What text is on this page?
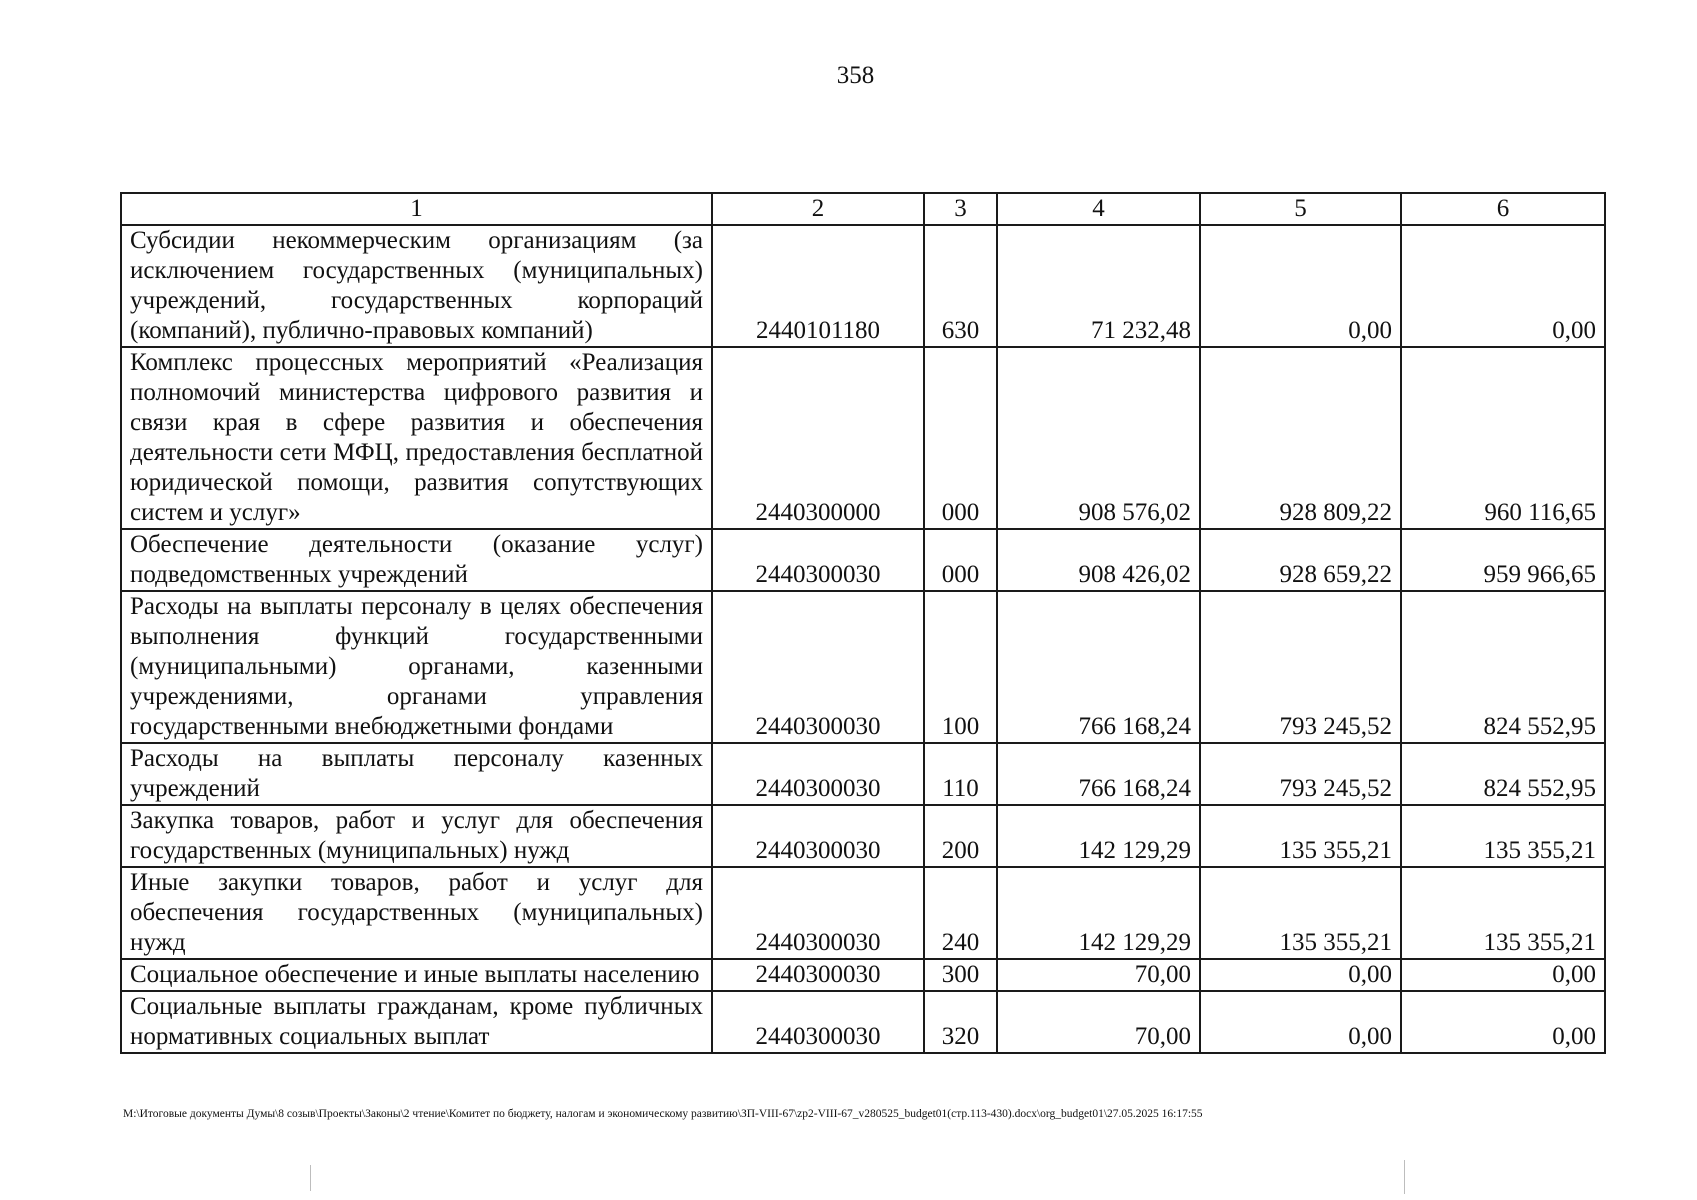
358
1	2	3	4	5	6
Субсидии некоммерческим организациям (за исключением государственных (муниципальных) учреждений, государственных корпораций (компаний), публично-правовых компаний)	2440101180	630	71 232,48	0,00	0,00
Комплекс процессных мероприятий «Реализация полномочий министерства цифрового развития и связи края в сфере развития и обеспечения деятельности сети МФЦ, предоставления бесплатной юридической помощи, развития сопутствующих систем и услуг»	2440300000	000	908 576,02	928 809,22	960 116,65
Обеспечение деятельности (оказание услуг) подведомственных учреждений	2440300030	000	908 426,02	928 659,22	959 966,65
Расходы на выплаты персоналу в целях обеспечения выполнения функций государственными (муниципальными) органами, казенными учреждениями, органами управления государственными внебюджетными фондами	2440300030	100	766 168,24	793 245,52	824 552,95
Расходы на выплаты персоналу казенных учреждений	2440300030	110	766 168,24	793 245,52	824 552,95
Закупка товаров, работ и услуг для обеспечения государственных (муниципальных) нужд	2440300030	200	142 129,29	135 355,21	135 355,21
Иные закупки товаров, работ и услуг для обеспечения государственных (муниципальных) нужд	2440300030	240	142 129,29	135 355,21	135 355,21
Социальное обеспечение и иные выплаты населению	2440300030	300	70,00	0,00	0,00
Социальные выплаты гражданам, кроме публичных нормативных социальных выплат	2440300030	320	70,00	0,00	0,00
M:\Итоговые документы Думы\8 созыв\Проекты\Законы\2 чтение\Комитет по бюджету, налогам и экономическому развитию\ЗП-VIII-67\zp2-VIII-67_v280525_budget01(стр.113-430).docx\org_budget01\27.05.2025 16:17:55
